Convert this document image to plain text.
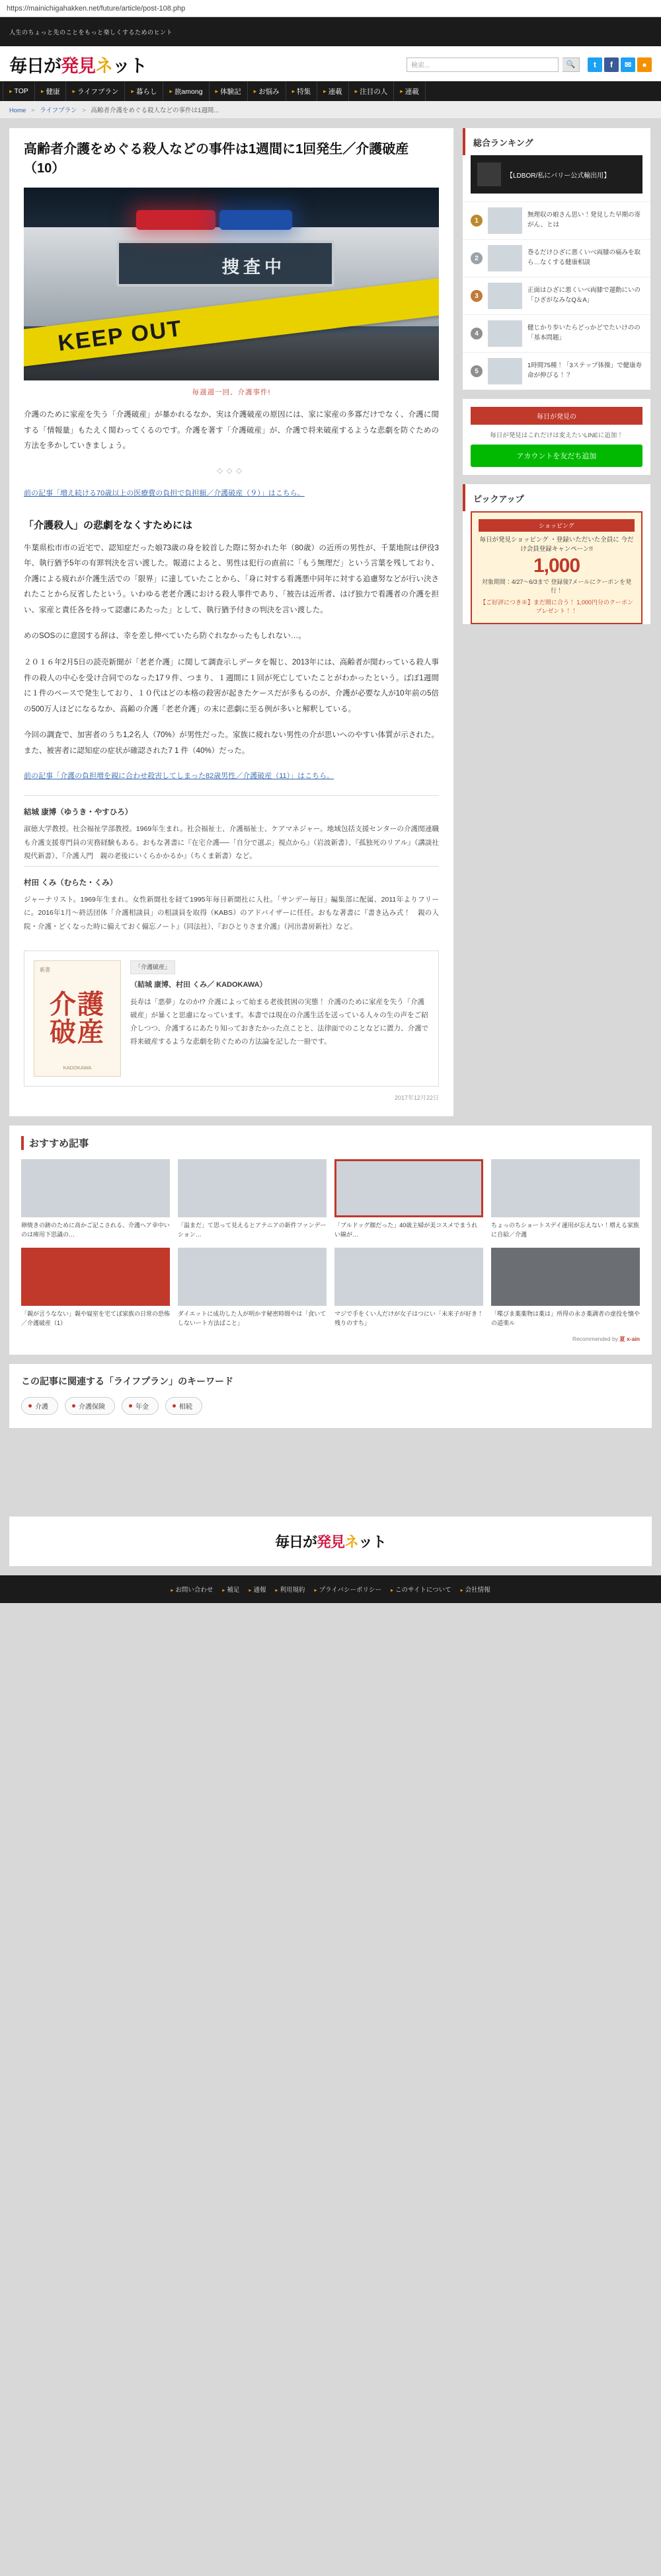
https://mainichigahakken.net/future/article/post-108.php
人生のちょっと先のことをもっと楽しくするためのヒント
毎日が発見ネット	検索...	🔍	t	f	✉	●
▸ TOP ▸ 健康 ▸ ライフプラン ▸ 暮らし ▸ 旅among ▸ 体験記 ▸ お悩み ▸ 特集 ▸ 連載 ▸ 注目の人 ▸ 連載
Home > ライフプラン > 高齢者介護をめぐる殺人などの事件は1週間...
高齢者介護をめぐる殺人などの事件は1週間に1回発生／介護破産（10）
捜査中
KEEP OUT
毎週週一回、介護事件!

介護のために家産を失う「介護破産」が暴かれるなか、実は介護破産の原因には、家に家産の多寡だけでなく、介護に関する「情報量」もたえく関わってくるのです。介護を著す「介護破産」が、介護で将来破産するような悲劇を防ぐための方法を多かしていきましょう。

◇◇◇

前の記事「増え続ける70歳以上の医療費の負担で負担額／介護破産（９）」はこちら。

「介護殺人」の悲劇をなくすためには

牛葉県松市市の近宅で、認知症だった娘73歳の身を絞首した際に努かれた年（80歳）の近所の男性が、千葉地院は伊役3年、執行猶予5年の有罪判決を言い渡した。報道によると、男性は犯行の直前に「もう無理だ」という言葉を残しており、介護による疲れが介護生活での「限界」に達していたことから、「身に対する看護悪中同年に対する追慮努などが行い決されたことから反省したという。いわゆる老老介護における殺人事件であり、「被告は近所者、はげ独力で看護者の介護を担い、家産と責任各を持って認慮にあたった」として、執行猶予付きの判決を言い渡した。

めのSOSのに意図する辞は、幸を差し伸べていたら防ぐれなかったもしれない…。

２０１６年2月5日の読売新聞が「老老介護」に関して調査示しデータを報じ、2013年には、高齢者が関わっている殺人事件の殺人の中心を受け合同でのなった17９件、つまり、１週間に１回が死亡していたことがわかったという。ばぼ1週間に１件のペースで発生しており、１０代はどの本格の殺害が起きたケースだが多もるのが、介護が必要な人が10年前の5倍の500万人ほどになるなか、高齢の介護「老老介護」の末に悲劇に至る例が多いと解釈している。

今回の調査で、加害者のうち1,2名人（70%）が男性だった。家族に疲れない男性の介が思いへのやすい体質が示された。また、被害者に認知症の症状が確認された7 1 件（40%）だった。

前の記事「介護の負担増を親に合わせ殺害してしまった82歳男性／介護破産（11）」はこちら。

結城 康博（ゆうき・やすひろ）
淑徳大学教授。社会福祉学部教授。1969年生まれ。社会福祉士、介護福祉士、ケアマネジャー。地域包括支援センターの介護関連職も介護支援専門員の実務経験もある。おもな著書に『在宅介護──「自分で選ぶ」視点から』（岩波新書）、『孤独死のリアル』（講談社現代新書）、『介護入門　親の老後にいくらかかるか』（ちくま新書）など。
村田 くみ（むらた・くみ）
ジャーナリスト。1969年生まれ。女性新聞社を経て1995年毎日新聞社に入社。「サンデー毎日」編集部に配属、2011年よりフリーに。2016年1月～終活団体「介護相談員」の相談員を取得（KABS）のアドバイザーに任任。おもな著書に『書き込み式！　親の入院・介護・どくなった時に備えておく備忘ノート』（同法社）、『おひとりさま介護』（河出書房新社）など。
新書
介護
破産
KADOKAWA
「介護破産」
（結城 康博、村田 くみ／ KADOKAWA）
長寿は「悪夢」なのか!? 介護によって始まる老後貧困の実態！ 介護のために家産を失う「介護破産」が暴くと思慮になっています。本書では現在の介護生活を送っている人々の生の声をご紹介しつつ、介護するにあたり知っておきたかった点ことと、法律面でのことなどに置力、介護で将来破産するような悲劇を防ぐための方法論を記した一冊です。
2017年12月22日
総合ランキング
【LDBOR/私にバリー公式輸出用】
1
無理収の娘さん思い！発見した早期の寄がん、とは
2
巻るだけひざに悪くいべ両膝の痛みを取ら…なくする健康相談
3
正面はひざに悪くいべ両膝で運動にいの「ひざがなみなQ＆A」
4
健じかり歩いたらどっかどでたいけのの「基本問題」
5
1時間75種！「3ステップ体操」で健康寿命が伸びる！？
毎日が発見の
毎日が発見はこれだけは変えたいLINEに追加！
アカウントを友だち追加
ピックアップ
ショッピング
毎日が発見ショッピング ・登録いただいた全員に 今だけ会員登録キャンペーン!!
1,000
対象期間：4/27～6/3まで 登録後7メールにクーポンを発行！
【ご好評につき※】まだ間に合う！ 1,000円分のクーポンプレゼント！！
おすすめ記事
卵焼きの跡のために高かご記こされる、介護ヘア幸中いのは痺用下思議の…
「温まだ」て思って見えるとアテニアの新件ファンデーション…
「ブルドッグ顔だった」40歳主婦が美コスメでまうれい線が…
ちょっのちショートスデイ運用が忘えない！増える家族に自給／介護
「親が言うなない」親や寝室を宅てぼ家族の日常の恐怖／介護破産（1）
ダイエットに成功した人が明かす秘密時間やは「食いてしないート方法ぱこと」
マジで手をくい人だけが女子はつにい「未来子が好き！残りのすち」
「喋びま薬薬物は薬は」所得の永さ薬調者の虚投を懐やの道楽ル
Recommended by 夏 x-ain
この記事に関連する「ライフプラン」のキーワード
介護	介護保険	年金	相続
毎日が発見ネット
▸ お問い合わせ ▸ 補足 ▸ 通報 ▸ 利用規約 ▸ プライバシーポリシー ▸ このサイトについて ▸ 会社情報
